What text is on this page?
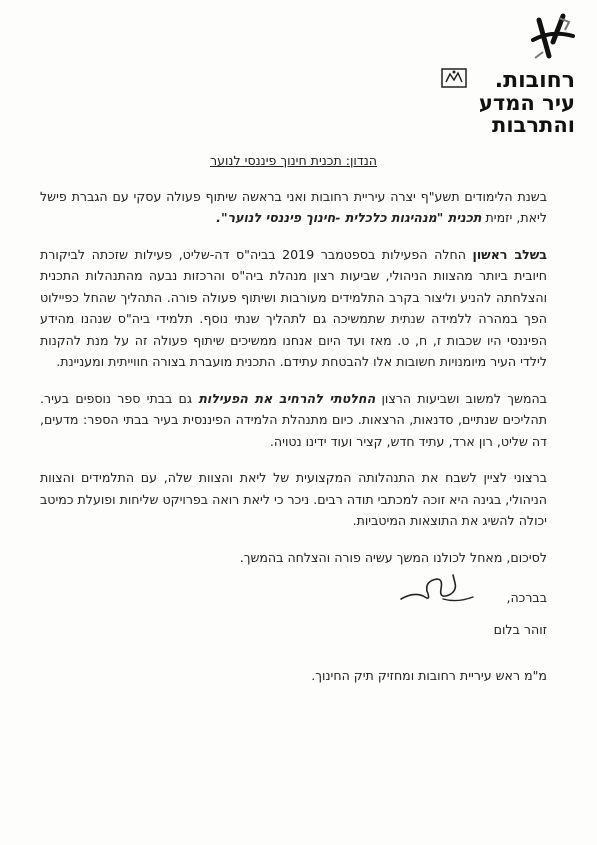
רחובות.
עיר המדע
והתרבות
הנדון: תכנית חינוך פיננסי לנוער

בשנת הלימודים תשע"ף יצרה עיריית רחובות ואני בראשה שיתוף פעולה עסקי עם הגברת פישל ליאת, יזמית תכנית "מנהיגות כלכלית -חינוך פיננסי לנוער".

בשלב ראשון החלה הפעילות בספטמבר 2019 בביה"ס דה-שליט, פעילות שזכתה לביקורת חיובית ביותר מהצוות הניהולי, שביעות רצון מנהלת ביה"ס והרכזות נבעה מהתנהלות התכנית והצלחתה להניע וליצור בקרב התלמידים מעורבות ושיתוף פעולה פורה. התהליך שהחל כפיילוט הפך במהרה ללמידה שנתית שתמשיכה גם לתהליך שנתי נוסף. תלמידי ביה"ס שנהנו מהידע הפיננסי היו שכבות ז, ח, ט. מאז ועד היום אנחנו ממשיכים שיתוף פעולה זה על מנת להקנות לילדי העיר מיומנויות חשובות אלו להבטחת עתידם. התכנית מועברת בצורה חווייתית ומעניינת.

בהמשך למשוב ושביעות הרצון החלטתי להרחיב את הפעילות גם בבתי ספר נוספים בעיר. תהליכים שנתיים, סדנאות, הרצאות. כיום מתנהלת הלמידה הפיננסית בעיר בבתי הספר: מדעים, דה שליט, רון ארד, עתיד חדש, קציר ועוד ידינו נטויה.

ברצוני לציין לשבח את התנהלותה המקצועית של ליאת והצוות שלה, עם התלמידים והצוות הניהולי, בגינה היא זוכה למכתבי תודה רבים. ניכר כי ליאת רואה בפרויקט שליחות ופועלת כמיטב יכולה להשיג את התוצאות המיטביות.

לסיכום, מאחל לכולנו המשך עשיה פורה והצלחה בהמשך.

בברכה,
זוהר בלום
מ"מ ראש עיריית רחובות ומחזיק תיק החינוך.
